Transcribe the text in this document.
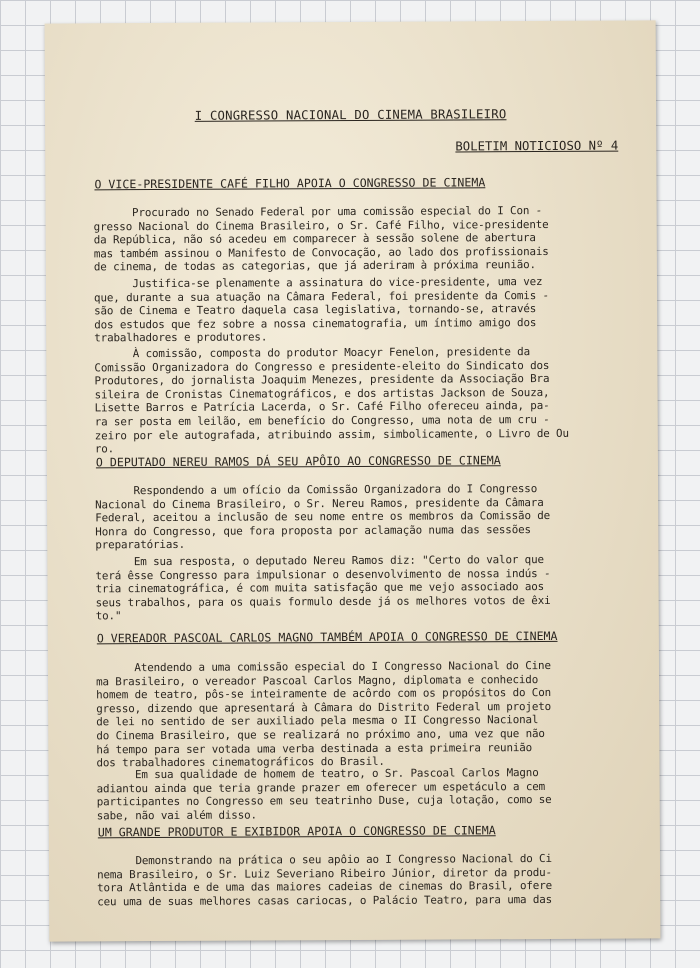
I CONGRESSO NACIONAL DO CINEMA BRASILEIRO
BOLETIM NOTICIOSO Nº 4
O VICE-PRESIDENTE CAFÉ FILHO APOIA O CONGRESSO DE CINEMA
Procurado no Senado Federal por uma comissão especial do I Con -
gresso Nacional do Cinema Brasileiro, o Sr. Café Filho, vice-presidente
da República, não só acedeu em comparecer à sessão solene de abertura
mas também assinou o Manifesto de Convocação, ao lado dos profissionais
de cinema, de todas as categorias, que já aderiram à próxima reunião.
Justifica-se plenamente a assinatura do vice-presidente, uma vez
que, durante a sua atuação na Câmara Federal, foi presidente da Comis -
são de Cinema e Teatro daquela casa legislativa, tornando-se, através
dos estudos que fez sobre a nossa cinematografia, um íntimo amigo dos
trabalhadores e produtores.
À comissão, composta do produtor Moacyr Fenelon, presidente da
Comissão Organizadora do Congresso e presidente-eleito do Sindicato dos
Produtores, do jornalista Joaquim Menezes, presidente da Associação Bra
sileira de Cronistas Cinematográficos, e dos artistas Jackson de Souza,
Lisette Barros e Patrícia Lacerda, o Sr. Café Filho ofereceu ainda, pa-
ra ser posta em leilão, em benefício do Congresso, uma nota de um cru -
zeiro por ele autografada, atribuindo assim, simbolicamente, o Livro de Ou
ro.
O DEPUTADO NEREU RAMOS DÁ SEU APÔIO AO CONGRESSO DE CINEMA
Respondendo a um ofício da Comissão Organizadora do I Congresso
Nacional do Cinema Brasileiro, o Sr. Nereu Ramos, presidente da Câmara
Federal, aceitou a inclusão de seu nome entre os membros da Comissão de
Honra do Congresso, que fora proposta por aclamação numa das sessões
preparatórias.
Em sua resposta, o deputado Nereu Ramos diz: "Certo do valor que
terá êsse Congresso para impulsionar o desenvolvimento de nossa indús -
tria cinematográfica, é com muita satisfação que me vejo associado aos
seus trabalhos, para os quais formulo desde já os melhores votos de êxi
to."
O VEREADOR PASCOAL CARLOS MAGNO TAMBÉM APOIA O CONGRESSO DE CINEMA
Atendendo a uma comissão especial do I Congresso Nacional do Cine
ma Brasileiro, o vereador Pascoal Carlos Magno, diplomata e conhecido
homem de teatro, pôs-se inteiramente de acôrdo com os propósitos do Con
gresso, dizendo que apresentará à Câmara do Distrito Federal um projeto
de lei no sentido de ser auxiliado pela mesma o II Congresso Nacional
do Cinema Brasileiro, que se realizará no próximo ano, uma vez que não
há tempo para ser votada uma verba destinada a esta primeira reunião
dos trabalhadores cinematográficos do Brasil.
Em sua qualidade de homem de teatro, o Sr. Pascoal Carlos Magno
adiantou ainda que teria grande prazer em oferecer um espetáculo a cem
participantes no Congresso em seu teatrinho Duse, cuja lotação, como se
sabe, não vai além disso.
UM GRANDE PRODUTOR E EXIBIDOR APOIA O CONGRESSO DE CINEMA
Demonstrando na prática o seu apôio ao I Congresso Nacional do Ci
nema Brasileiro, o Sr. Luiz Severiano Ribeiro Júnior, diretor da produ-
tora Atlântida e de uma das maiores cadeias de cinemas do Brasil, ofere
ceu uma de suas melhores casas cariocas, o Palácio Teatro, para uma das
